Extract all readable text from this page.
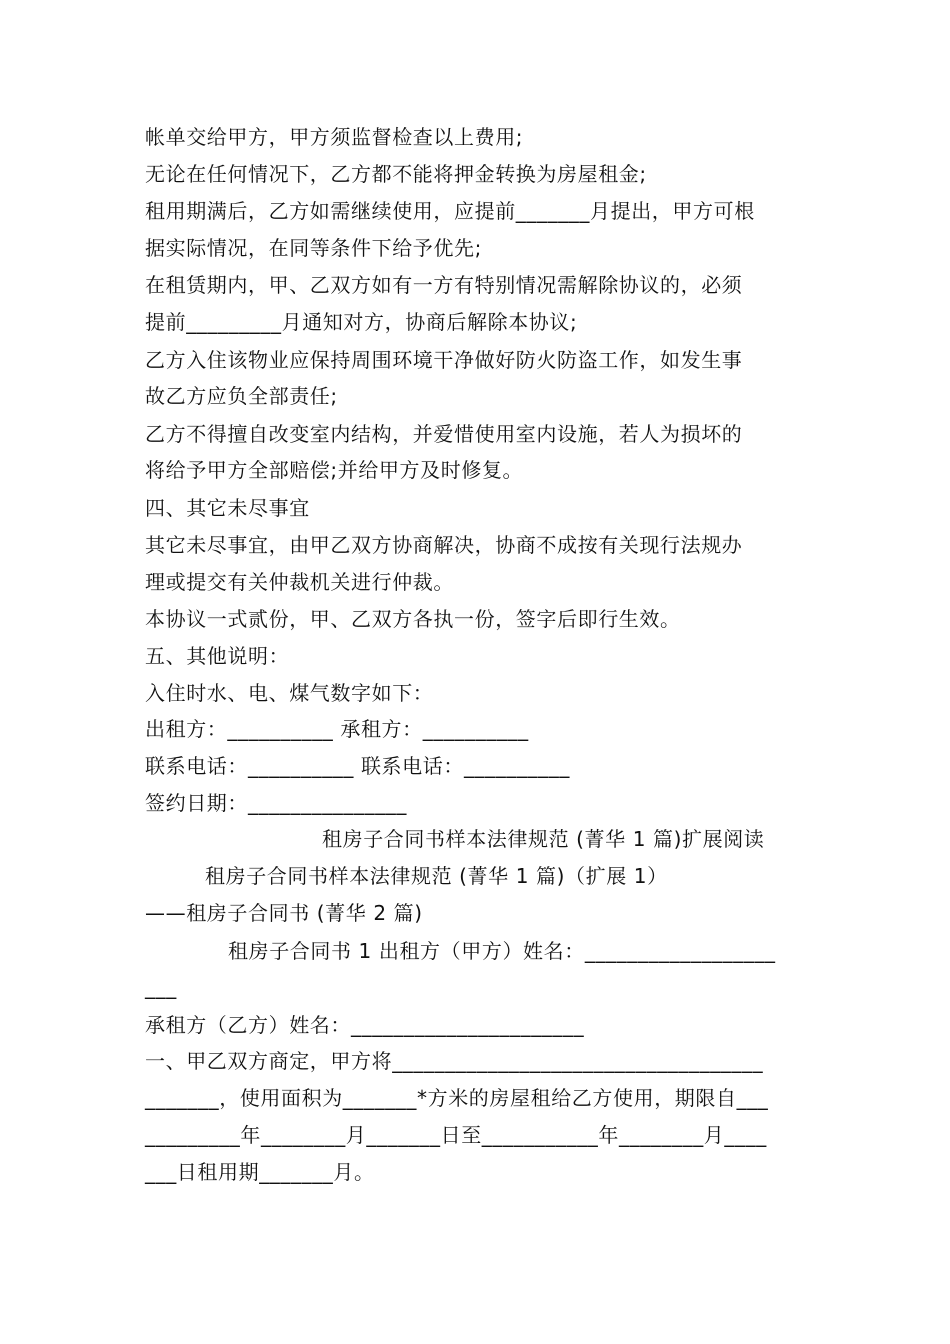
帐单交给甲方，甲方须监督检查以上费用;
无论在任何情况下，乙方都不能将押金转换为房屋租金;
租用期满后，乙方如需继续使用，应提前_______月提出，甲方可根
据实际情况，在同等条件下给予优先;
在租赁期内，甲、乙双方如有一方有特别情况需解除协议的，必须
提前_________月通知对方，协商后解除本协议;
乙方入住该物业应保持周围环境干净做好防火防盗工作，如发生事
故乙方应负全部责任;
乙方不得擅自改变室内结构，并爱惜使用室内设施，若人为损坏的
将给予甲方全部赔偿;并给甲方及时修复。
四、其它未尽事宜
其它未尽事宜，由甲乙双方协商解决，协商不成按有关现行法规办
理或提交有关仲裁机关进行仲裁。
本协议一式贰份，甲、乙双方各执一份，签字后即行生效。
五、其他说明：
入住时水、电、煤气数字如下：
出租方：__________ 承租方：__________
联系电话：__________ 联系电话：__________
签约日期：_______________
租房子合同书样本法律规范 (菁华 1 篇)扩展阅读
租房子合同书样本法律规范 (菁华 1 篇)（扩展 1）
——租房子合同书 (菁华 2 篇)
租房子合同书 1 出租方（甲方）姓名：__________________
___
承租方（乙方）姓名：______________________
一、甲乙双方商定，甲方将___________________________________
_______，使用面积为_______*方米的房屋租给乙方使用，期限自___
_________年________月_______日至___________年________月____
___日租用期_______月。
